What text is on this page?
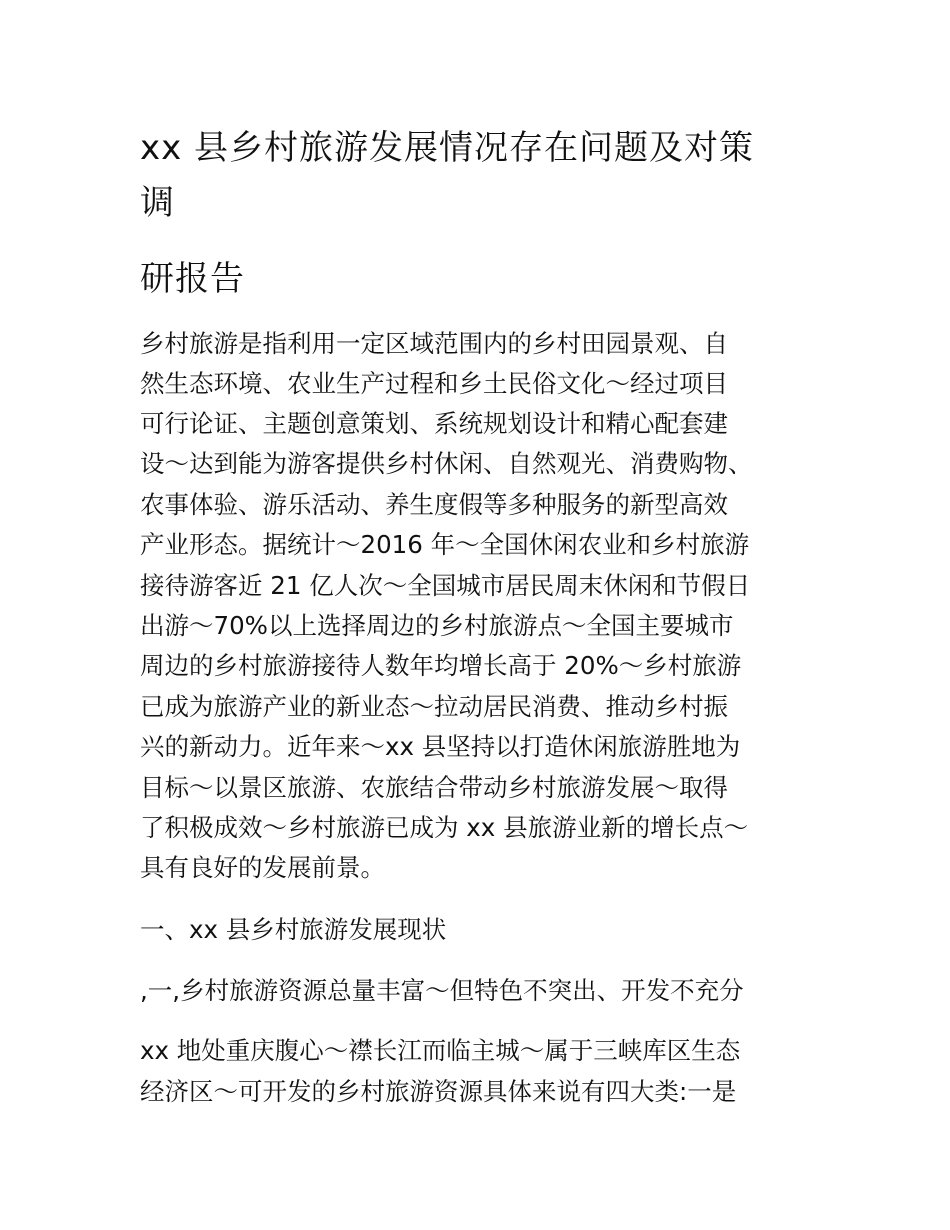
xx 县乡村旅游发展情况存在问题及对策
调
研报告
乡村旅游是指利用一定区域范围内的乡村田园景观、自
然生态环境、农业生产过程和乡土民俗文化～经过项目
可行论证、主题创意策划、系统规划设计和精心配套建
设～达到能为游客提供乡村休闲、自然观光、消费购物、
农事体验、游乐活动、养生度假等多种服务的新型高效
产业形态。据统计～2016 年～全国休闲农业和乡村旅游
接待游客近 21 亿人次～全国城市居民周末休闲和节假日
出游～70%以上选择周边的乡村旅游点～全国主要城市
周边的乡村旅游接待人数年均增长高于 20%～乡村旅游
已成为旅游产业的新业态～拉动居民消费、推动乡村振
兴的新动力。近年来～xx 县坚持以打造休闲旅游胜地为
目标～以景区旅游、农旅结合带动乡村旅游发展～取得
了积极成效～乡村旅游已成为 xx 县旅游业新的增长点～
具有良好的发展前景。
一、xx 县乡村旅游发展现状
,一,乡村旅游资源总量丰富～但特色不突出、开发不充分
xx 地处重庆腹心～襟长江而临主城～属于三峡库区生态
经济区～可开发的乡村旅游资源具体来说有四大类:一是
